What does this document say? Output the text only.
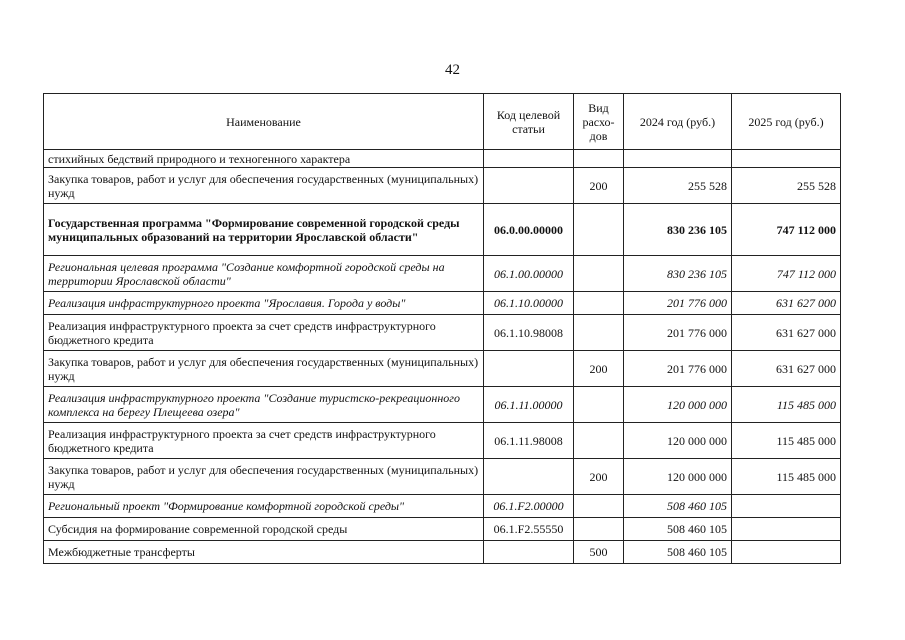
42
Наименование	Код целевой статьи	Вид расхо-дов	2024 год (руб.)	2025 год (руб.)
стихийных бедствий природного и техногенного характера				
Закупка товаров, работ и услуг для обеспечения государственных (муниципальных) нужд		200	255 528	255 528
Государственная программа "Формирование современной городской среды муниципальных образований на территории Ярославской области"	06.0.00.00000		830 236 105	747 112 000
Региональная целевая программа "Создание комфортной городской среды на территории Ярославской области"	06.1.00.00000		830 236 105	747 112 000
Реализация инфраструктурного проекта "Ярославия. Города у воды"	06.1.10.00000		201 776 000	631 627 000
Реализация инфраструктурного проекта за счет средств инфраструктурного бюджетного кредита	06.1.10.98008		201 776 000	631 627 000
Закупка товаров, работ и услуг для обеспечения государственных (муниципальных) нужд		200	201 776 000	631 627 000
Реализация инфраструктурного проекта "Создание туристско-рекреационного комплекса на берегу Плещеева озера"	06.1.11.00000		120 000 000	115 485 000
Реализация инфраструктурного проекта за счет средств инфраструктурного бюджетного кредита	06.1.11.98008		120 000 000	115 485 000
Закупка товаров, работ и услуг для обеспечения государственных (муниципальных) нужд		200	120 000 000	115 485 000
Региональный проект "Формирование комфортной городской среды"	06.1.F2.00000		508 460 105	
Субсидия на формирование современной городской среды	06.1.F2.55550		508 460 105	
Межбюджетные трансферты		500	508 460 105	
